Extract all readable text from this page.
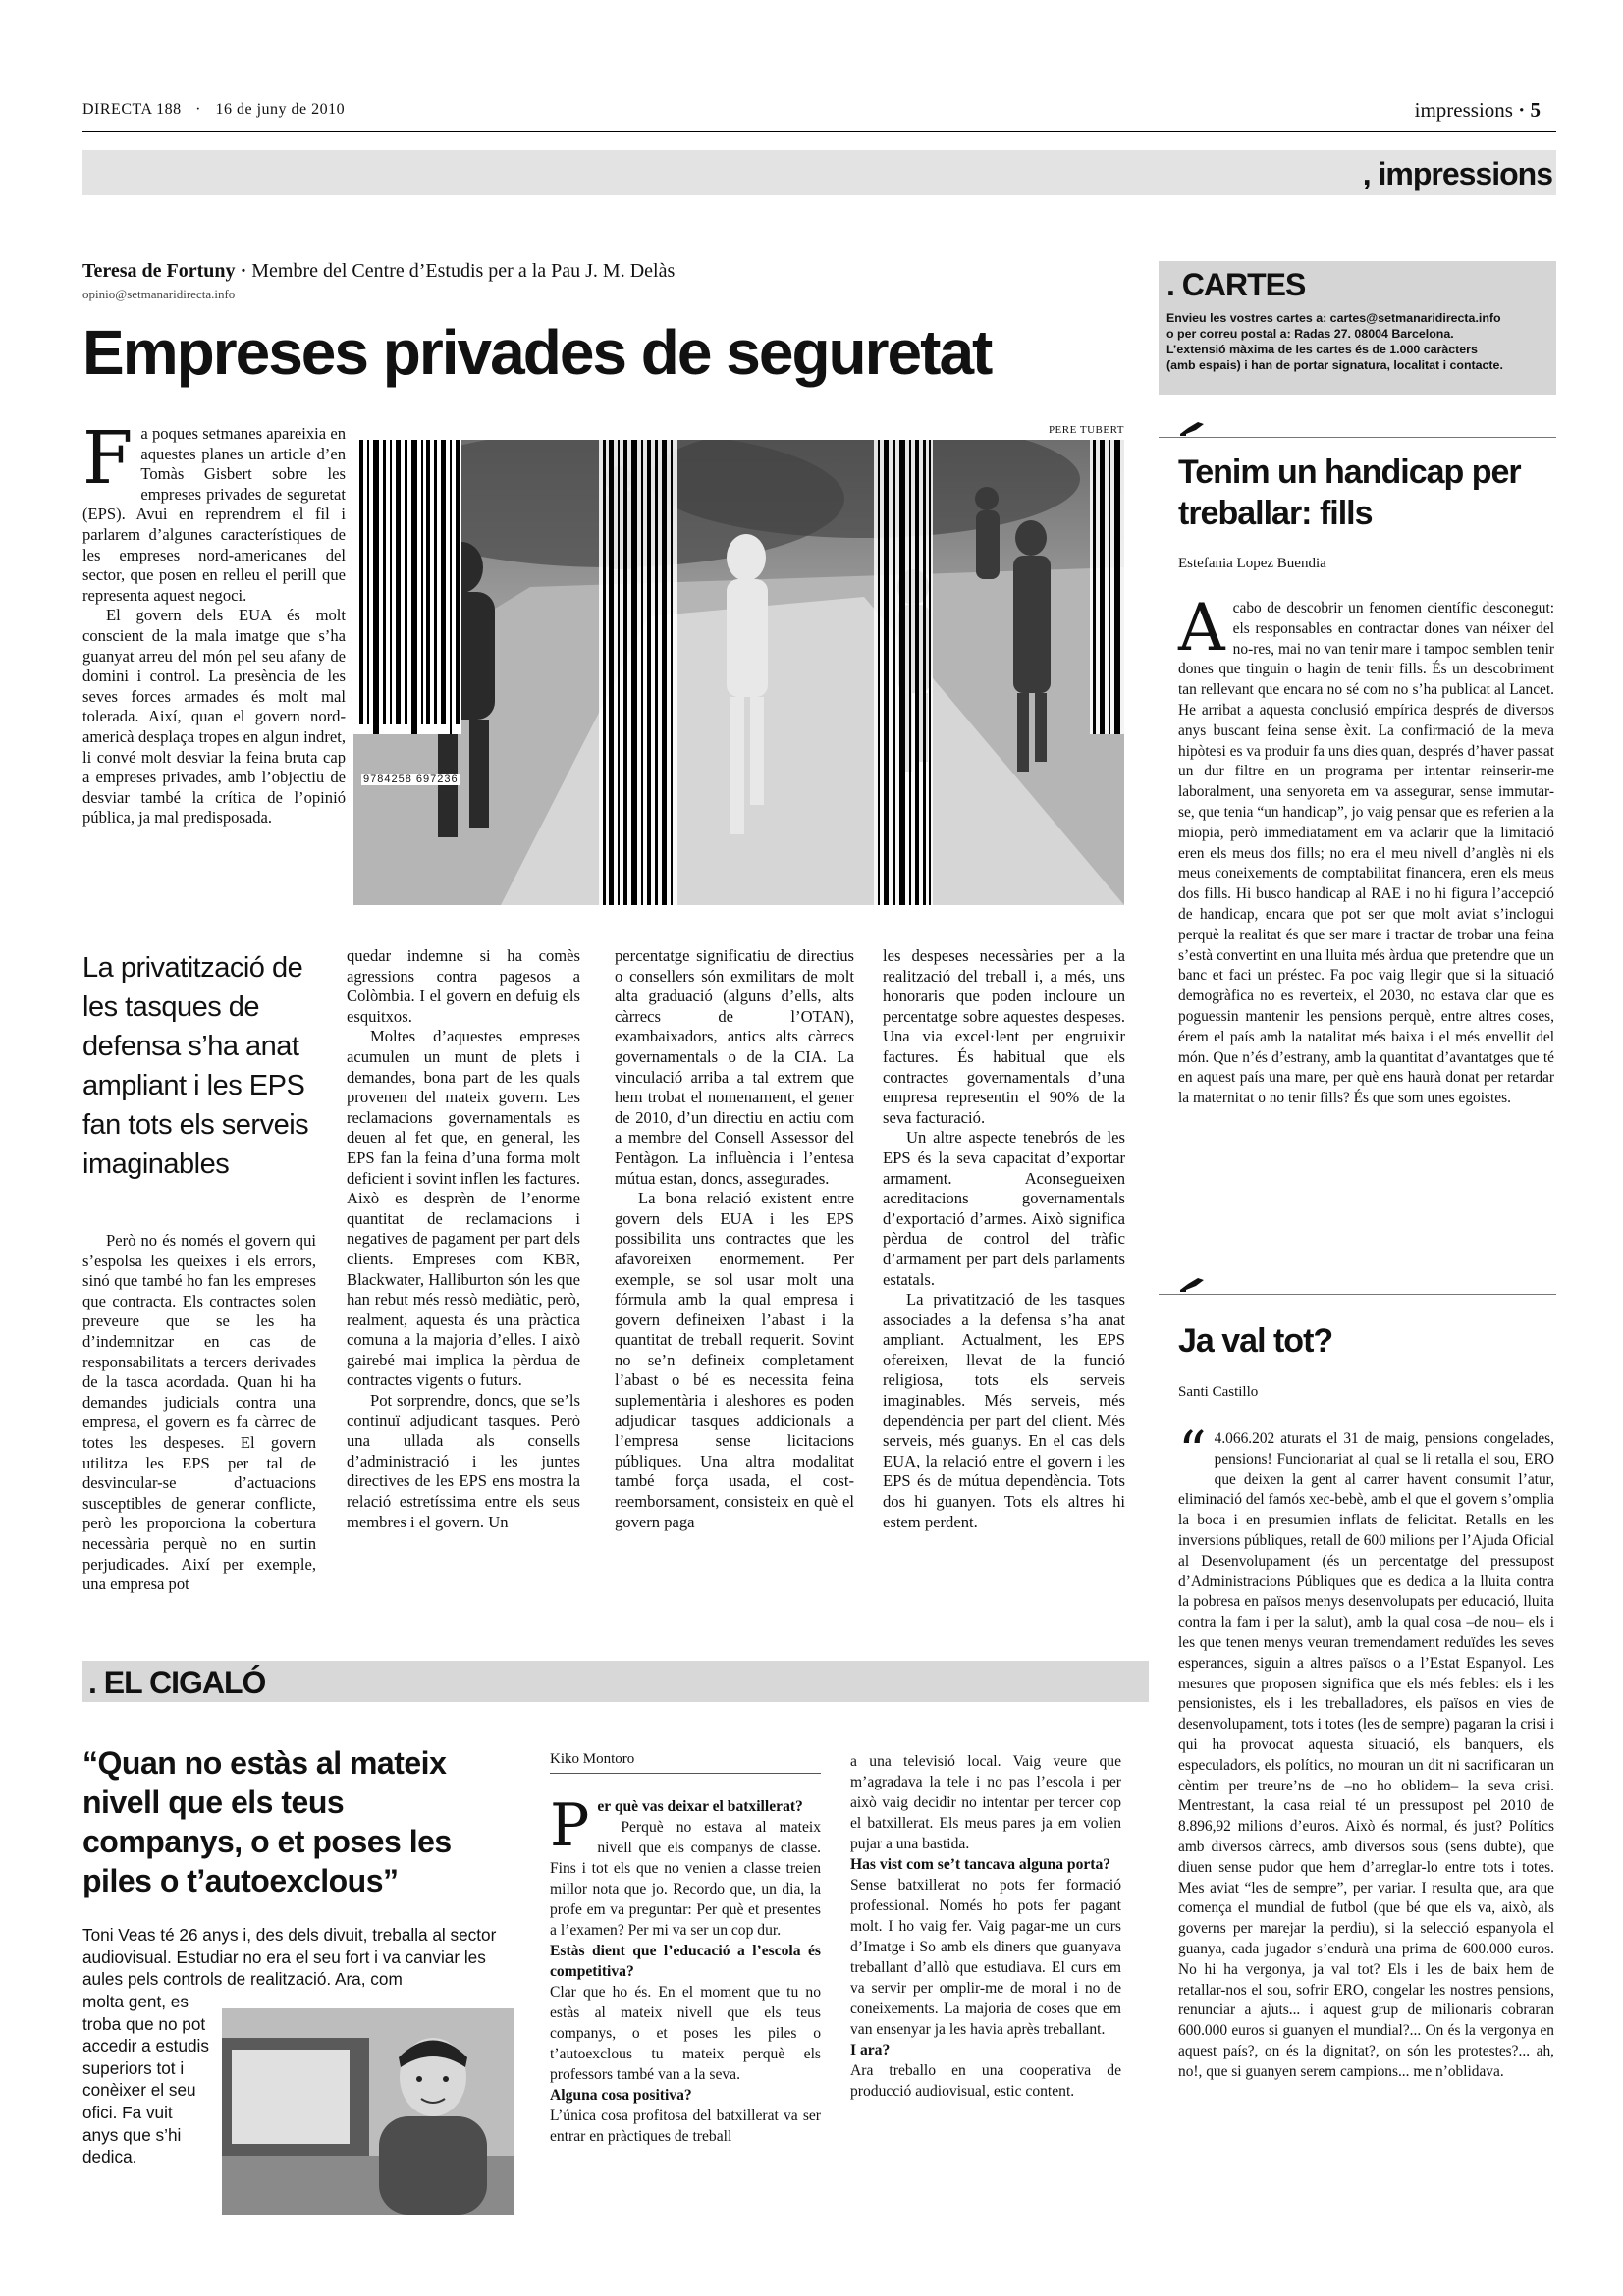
DIRECTA 188 · 16 de juny de 2010	impressions · 5
, impressions
Teresa de Fortuny · Membre del Centre d’Estudis per a la Pau J. M. Delàs
opinio@setmanaridirecta.info
Empreses privades de seguretat
F a poques setmanes apareixia en aquestes planes un article d’en Tomàs Gisbert sobre les empreses privades de seguretat (EPS). Avui en reprendrem el fil i parlarem d’algunes característiques de les empreses nord-americanes del sector, que posen en relleu el perill que representa aquest negoci.

El govern dels EUA és molt conscient de la mala imatge que s’ha guanyat arreu del món pel seu afany de domini i control. La presència de les seves forces armades és molt mal tolerada. Així, quan el govern nord-americà desplaça tropes en algun indret, li convé molt desviar la feina bruta cap a empreses privades, amb l’objectiu de desviar també la crítica de l’opinió pública, ja mal predisposada.

PERE TUBERT
9784258 697236
La privatització de les tasques de defensa s’ha anat ampliant i les EPS fan tots els serveis imaginables

Però no és només el govern qui s’espolsa les queixes i els errors, sinó que també ho fan les empreses que contracta. Els contractes solen preveure que se les ha d’indemnitzar en cas de responsabilitats a tercers derivades de la tasca acordada. Quan hi ha demandes judicials contra una empresa, el govern es fa càrrec de totes les despeses. El govern utilitza les EPS per tal de desvincular-se d’actuacions susceptibles de generar conflicte, però les proporciona la cobertura necessària perquè no en surtin perjudicades. Així per exemple, una empresa pot

quedar indemne si ha comès agressions contra pagesos a Colòmbia. I el govern en defuig els esquitxos.

Moltes d’aquestes empreses acumulen un munt de plets i demandes, bona part de les quals provenen del mateix govern. Les reclamacions governamentals es deuen al fet que, en general, les EPS fan la feina d’una forma molt deficient i sovint inflen les factures. Això es desprèn de l’enorme quantitat de reclamacions i negatives de pagament per part dels clients. Empreses com KBR, Blackwater, Halliburton són les que han rebut més ressò mediàtic, però, realment, aquesta és una pràctica comuna a la majoria d’elles. I això gairebé mai implica la pèrdua de contractes vigents o futurs.

Pot sorprendre, doncs, que se’ls continuï adjudicant tasques. Però una ullada als consells d’administració i les juntes directives de les EPS ens mostra la relació estretíssima entre els seus membres i el govern. Un

percentatge significatiu de directius o consellers són exmilitars de molt alta graduació (alguns d’ells, alts càrrecs de l’OTAN), exambaixadors, antics alts càrrecs governamentals o de la CIA. La vinculació arriba a tal extrem que hem trobat el nomenament, el gener de 2010, d’un directiu en actiu com a membre del Consell Assessor del Pentàgon. La influència i l’entesa mútua estan, doncs, assegurades.

La bona relació existent entre govern dels EUA i les EPS possibilita uns contractes que les afavoreixen enormement. Per exemple, se sol usar molt una fórmula amb la qual empresa i govern defineixen l’abast i la quantitat de treball requerit. Sovint no se’n defineix completament l’abast o bé es necessita feina suplementària i aleshores es poden adjudicar tasques addicionals a l’empresa sense licitacions públiques. Una altra modalitat també força usada, el cost-reemborsament, consisteix en què el govern paga

les despeses necessàries per a la realització del treball i, a més, uns honoraris que poden incloure un percentatge sobre aquestes despeses. Una via excel·lent per engruixir factures. És habitual que els contractes governamentals d’una empresa representin el 90% de la seva facturació.

Un altre aspecte tenebrós de les EPS és la seva capacitat d’exportar armament. Aconsegueixen acreditacions governamentals d’exportació d’armes. Això significa pèrdua de control del tràfic d’armament per part dels parlaments estatals.

La privatització de les tasques associades a la defensa s’ha anat ampliant. Actualment, les EPS ofereixen, llevat de la funció religiosa, tots els serveis imaginables. Més serveis, més dependència per part del client. Més serveis, més guanys. En el cas dels EUA, la relació entre el govern i les EPS és de mútua dependència. Tots dos hi guanyen. Tots els altres hi estem perdent.

. CARTES
Envieu les vostres cartes a: cartes@setmanaridirecta.info
o per correu postal a: Radas 27. 08004 Barcelona.
L’extensió màxima de les cartes és de 1.000 caràcters
(amb espais) i han de portar signatura, localitat i contacte.
Tenim un handicap per treballar: fills
Estefania Lopez Buendia
A cabo de descobrir un fenomen científic desconegut: els responsables en contractar dones van néixer del no-res, mai no van tenir mare i tampoc semblen tenir dones que tinguin o hagin de tenir fills. És un descobriment tan rellevant que encara no sé com no s’ha publicat al Lancet. He arribat a aquesta conclusió empírica després de diversos anys buscant feina sense èxit. La confirmació de la meva hipòtesi es va produir fa uns dies quan, després d’haver passat un dur filtre en un programa per intentar reinserir-me laboralment, una senyoreta em va assegurar, sense immutar-se, que tenia “un handicap”, jo vaig pensar que es referien a la miopia, però immediatament em va aclarir que la limitació eren els meus dos fills; no era el meu nivell d’anglès ni els meus coneixements de comptabilitat financera, eren els meus dos fills. Hi busco handicap al RAE i no hi figura l’accepció de handicap, encara que pot ser que molt aviat s’inclogui perquè la realitat és que ser mare i tractar de trobar una feina s’està convertint en una lluita més àrdua que pretendre que un banc et faci un préstec. Fa poc vaig llegir que si la situació demogràfica no es reverteix, el 2030, no estava clar que es poguessin mantenir les pensions perquè, entre altres coses, érem el país amb la natalitat més baixa i el més envellit del món. Que n’és d’estrany, amb la quantitat d’avantatges que té en aquest país una mare, per què ens haurà donat per retardar la maternitat o no tenir fills? És que som unes egoistes.

Ja val tot?
Santi Castillo
“ 4.066.202 aturats el 31 de maig, pensions congelades, pensions! Funcionariat al qual se li retalla el sou, ERO que deixen la gent al carrer havent consumit l’atur, eliminació del famós xec-bebè, amb el que el govern s’omplia la boca i en presumien inflats de felicitat. Retalls en les inversions públiques, retall de 600 milions per l’Ajuda Oficial al Desenvolupament (és un percentatge del pressupost d’Administracions Públiques que es dedica a la lluita contra la pobresa en països menys desenvolupats per educació, lluita contra la fam i per la salut), amb la qual cosa –de nou– els i les que tenen menys veuran tremendament reduïdes les seves esperances, siguin a altres països o a l’Estat Espanyol. Les mesures que proposen significa que els més febles: els i les pensionistes, els i les treballadores, els països en vies de desenvolupament, tots i totes (les de sempre) pagaran la crisi i qui ha provocat aquesta situació, els banquers, els especuladors, els polítics, no mouran un dit ni sacrificaran un cèntim per treure’ns de –no ho oblidem– la seva crisi. Mentrestant, la casa reial té un pressupost pel 2010 de 8.896,92 milions d’euros. Això és normal, és just? Polítics amb diversos càrrecs, amb diversos sous (sens dubte), que diuen sense pudor que hem d’arreglar-lo entre tots i totes. Mes aviat “les de sempre”, per variar. I resulta que, ara que comença el mundial de futbol (que bé que els va, això, als governs per marejar la perdiu), si la selecció espanyola el guanya, cada jugador s’endurà una prima de 600.000 euros. No hi ha vergonya, ja val tot? Els i les de baix hem de retallar-nos el sou, sofrir ERO, congelar les nostres pensions, renunciar a ajuts... i aquest grup de milionaris cobraran 600.000 euros si guanyen el mundial?... On és la vergonya en aquest país?, on és la dignitat?, on són les protestes?... ah, no!, que si guanyen serem campions... me n’oblidava.

. EL CIGALÓ
“Quan no estàs al mateix nivell que els teus companys, o et poses les piles o t’autoexclous”
Toni Veas té 26 anys i, des dels divuit, treballa al sector audiovisual. Estudiar no era el seu fort i va canviar les aules pels controls de realització. Ara, com
molta gent, es troba que no pot accedir a estudis superiors tot i conèixer el seu ofici. Fa vuit anys que s’hi dedica.
Kiko Montoro
P er què vas deixar el batxillerat?

Perquè no estava al mateix nivell que els companys de classe. Fins i tot els que no venien a classe treien millor nota que jo. Recordo que, un dia, la profe em va preguntar: Per què et presentes a l’examen? Per mi va ser un cop dur.

Estàs dient que l’educació a l’escola és competitiva?

Clar que ho és. En el moment que tu no estàs al mateix nivell que els teus companys, o et poses les piles o t’autoexclous tu mateix perquè els professors també van a la seva.

Alguna cosa positiva?

L’única cosa profitosa del batxillerat va ser entrar en pràctiques de treball

a una televisió local. Vaig veure que m’agradava la tele i no pas l’escola i per això vaig decidir no intentar per tercer cop el batxillerat. Els meus pares ja em volien pujar a una bastida.

Has vist com se’t tancava alguna porta?

Sense batxillerat no pots fer formació professional. Només ho pots fer pagant molt. I ho vaig fer. Vaig pagar-me un curs d’Imatge i So amb els diners que guanyava treballant d’allò que estudiava. El curs em va servir per omplir-me de moral i no de coneixements. La majoria de coses que em van ensenyar ja les havia après treballant.

I ara?

Ara treballo en una cooperativa de producció audiovisual, estic content.
